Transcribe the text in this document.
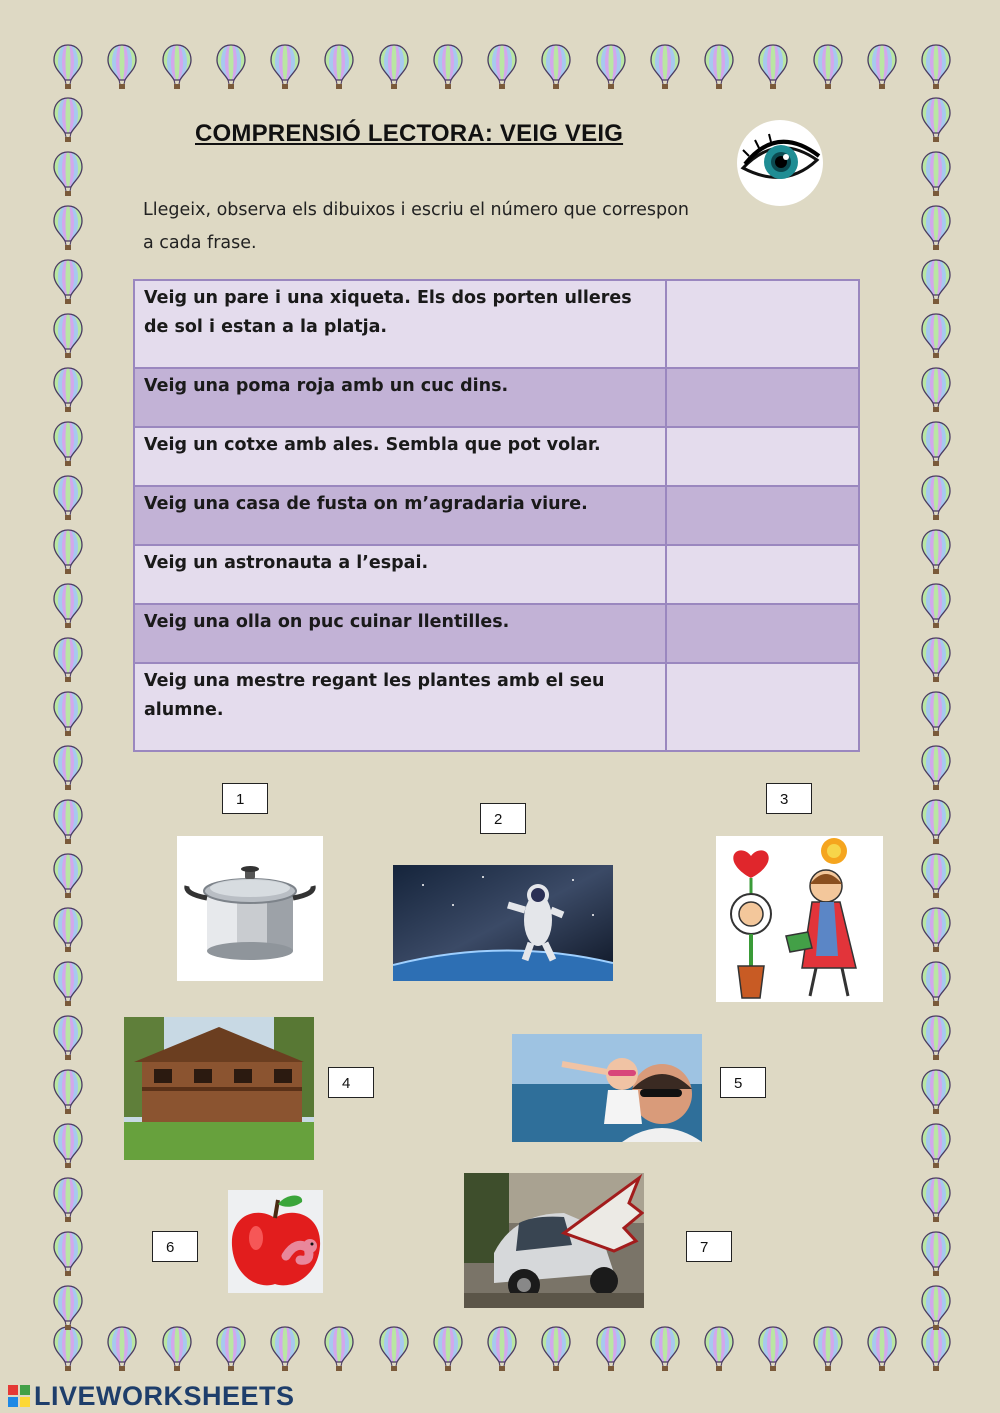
COMPRENSIÓ LECTORA: VEIG VEIG
Llegeix, observa els dibuixos i escriu el número que correspon a cada frase.
Veig un pare i una xiqueta. Els dos porten ulleres de sol i estan a la platja.	
Veig una poma roja amb un cuc dins.	
Veig un cotxe amb ales. Sembla que pot volar.	
Veig una casa de fusta on m’agradaria viure.	
Veig un astronauta a l’espai.	
Veig una olla on puc cuinar llentilles.	
Veig una mestre regant les plantes amb el seu alumne.	
1
2
3
4	5
6	7
LIVEWORKSHEETS
